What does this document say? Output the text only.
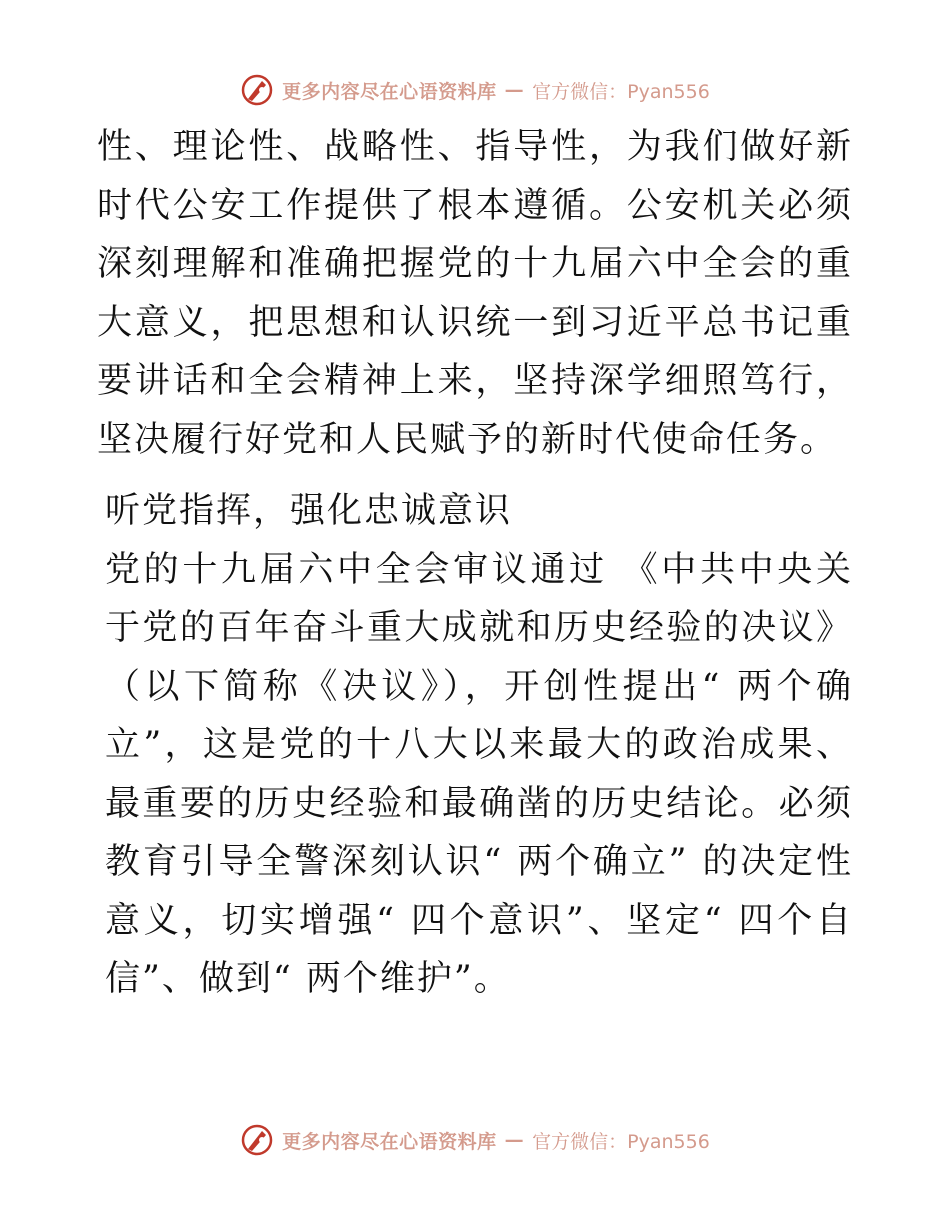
更多内容尽在心语资料库 — 官方微信：Pyan556

性、理论性、战略性、指导性，为我们做好新时代公安工作提供了根本遵循。公安机关必须深刻理解和准确把握党的十九届六中全会的重大意义，把思想和认识统一到习近平总书记重要讲话和全会精神上来，坚持深学细照笃行，坚决履行好党和人民赋予的新时代使命任务。

听党指挥，强化忠诚意识

党的十九届六中全会审议通过 《中共中央关于党的百年奋斗重大成就和历史经验的决议》（以下简称《决议》），开创性提出“ 两个确立”，这是党的十八大以来最大的政治成果、最重要的历史经验和最确凿的历史结论。必须教育引导全警深刻认识“ 两个确立” 的决定性意义，切实增强“ 四个意识”、坚定“ 四个自信”、做到“ 两个维护”。

更多内容尽在心语资料库 — 官方微信：Pyan556
